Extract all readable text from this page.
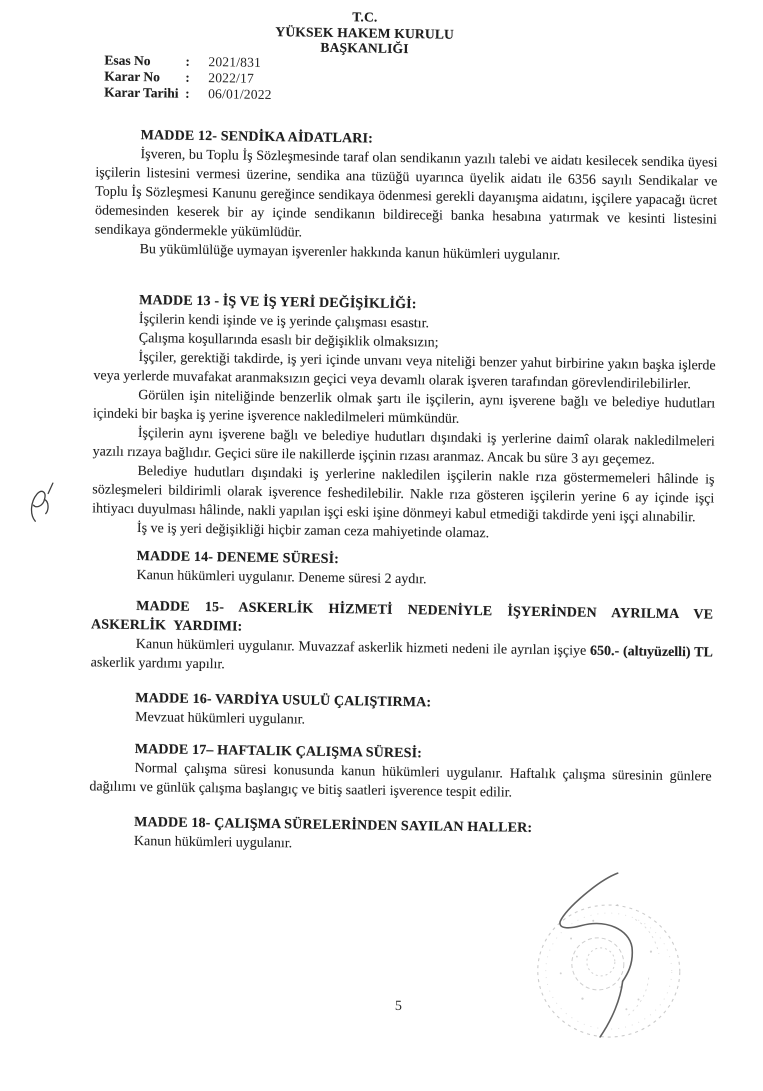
T.C.
YÜKSEK HAKEM KURULU
BAŞKANLIĞI
Esas No	:	2021/831
Karar No	:	2022/17
Karar Tarihi :	06/01/2022
MADDE 12- SENDİKA AİDATLARI:

İşveren, bu Toplu İş Sözleşmesinde taraf olan sendikanın yazılı talebi ve aidatı kesilecek sendika üyesi işçilerin listesini vermesi üzerine, sendika ana tüzüğü uyarınca üyelik aidatı ile 6356 sayılı Sendikalar ve Toplu İş Sözleşmesi Kanunu gereğince sendikaya ödenmesi gerekli dayanışma aidatını, işçilere yapacağı ücret ödemesinden keserek bir ay içinde sendikanın bildireceği banka hesabına yatırmak ve kesinti listesini sendikaya göndermekle yükümlüdür.

Bu yükümlülüğe uymayan işverenler hakkında kanun hükümleri uygulanır.

MADDE 13 - İŞ VE İŞ YERİ DEĞİŞİKLİĞİ:

İşçilerin kendi işinde ve iş yerinde çalışması esastır.

Çalışma koşullarında esaslı bir değişiklik olmaksızın;

İşçiler, gerektiği takdirde, iş yeri içinde unvanı veya niteliği benzer yahut birbirine yakın başka işlerde veya yerlerde muvafakat aranmaksızın geçici veya devamlı olarak işveren tarafından görevlendirilebilirler.

Görülen işin niteliğinde benzerlik olmak şartı ile işçilerin, aynı işverene bağlı ve belediye hudutları içindeki bir başka iş yerine işverence nakledilmeleri mümkündür.

İşçilerin aynı işverene bağlı ve belediye hudutları dışındaki iş yerlerine daimî olarak nakledilmeleri yazılı rızaya bağlıdır. Geçici süre ile nakillerde işçinin rızası aranmaz. Ancak bu süre 3 ayı geçemez.

Belediye hudutları dışındaki iş yerlerine nakledilen işçilerin nakle rıza göstermemeleri hâlinde iş sözleşmeleri bildirimli olarak işverence feshedilebilir. Nakle rıza gösteren işçilerin yerine 6 ay içinde işçi ihtiyacı duyulması hâlinde, nakli yapılan işçi eski işine dönmeyi kabul etmediği takdirde yeni işçi alınabilir.

İş ve iş yeri değişikliği hiçbir zaman ceza mahiyetinde olamaz.

MADDE 14- DENEME SÜRESİ:

Kanun hükümleri uygulanır. Deneme süresi 2 aydır.

MADDE 15- ASKERLİK HİZMETİ NEDENİYLE İŞYERİNDEN AYRILMA VE ASKERLİK YARDIMI:

Kanun hükümleri uygulanır. Muvazzaf askerlik hizmeti nedeni ile ayrılan işçiye 650.- (altıyüzelli) TL askerlik yardımı yapılır.

MADDE 16- VARDİYA USULÜ ÇALIŞTIRMA:

Mevzuat hükümleri uygulanır.

MADDE 17– HAFTALIK ÇALIŞMA SÜRESİ:

Normal çalışma süresi konusunda kanun hükümleri uygulanır. Haftalık çalışma süresinin günlere dağılımı ve günlük çalışma başlangıç ve bitiş saatleri işverence tespit edilir.

MADDE 18- ÇALIŞMA SÜRELERİNDEN SAYILAN HALLER:

Kanun hükümleri uygulanır.

5
